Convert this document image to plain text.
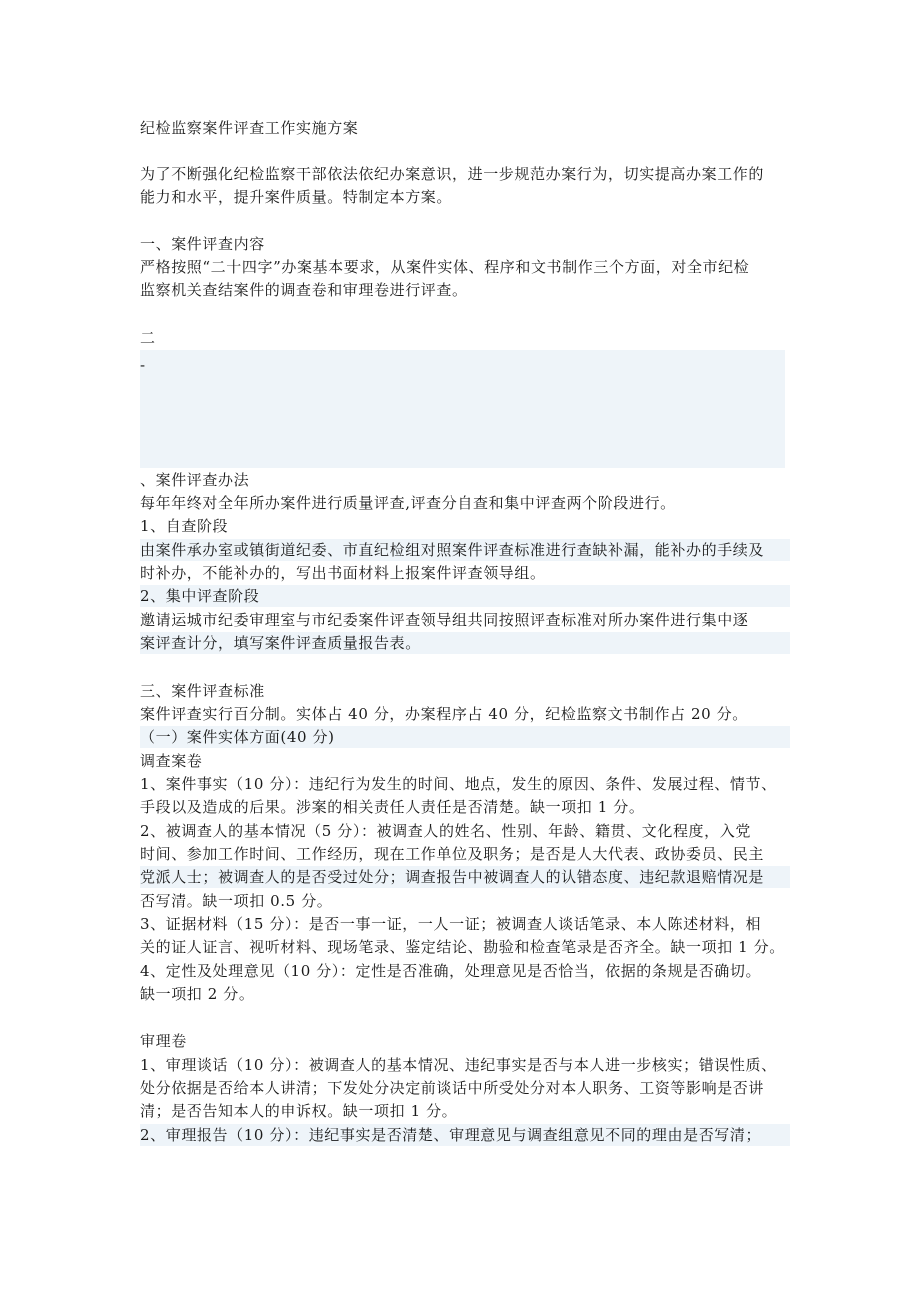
纪检监察案件评查工作实施方案
为了不断强化纪检监察干部依法依纪办案意识，进一步规范办案行为，切实提高办案工作的
能力和水平，提升案件质量。特制定本方案。
一、案件评查内容
严格按照“二十四字”办案基本要求，从案件实体、程序和文书制作三个方面，对全市纪检
监察机关查结案件的调查卷和审理卷进行评查。
二
-
、案件评查办法
每年年终对全年所办案件进行质量评查,评查分自查和集中评查两个阶段进行。
1、自查阶段
由案件承办室或镇街道纪委、市直纪检组对照案件评查标准进行查缺补漏，能补办的手续及
时补办，不能补办的，写出书面材料上报案件评查领导组。
2、集中评查阶段
邀请运城市纪委审理室与市纪委案件评查领导组共同按照评查标准对所办案件进行集中逐
案评查计分，填写案件评查质量报告表。
三、案件评查标准
案件评查实行百分制。实体占 40 分，办案程序占 40 分，纪检监察文书制作占 20 分。
（一）案件实体方面(40 分)
调查案卷
1、案件事实（10 分）：违纪行为发生的时间、地点，发生的原因、条件、发展过程、情节、
手段以及造成的后果。涉案的相关责任人责任是否清楚。缺一项扣 1 分。
2、被调查人的基本情况（5 分）：被调查人的姓名、性别、年龄、籍贯、文化程度，入党
时间、参加工作时间、工作经历，现在工作单位及职务；是否是人大代表、政协委员、民主
党派人士；被调查人的是否受过处分；调查报告中被调查人的认错态度、违纪款退赔情况是
否写清。缺一项扣 0.5 分。
3、证据材料（15 分）：是否一事一证，一人一证；被调查人谈话笔录、本人陈述材料，相
关的证人证言、视听材料、现场笔录、鉴定结论、勘验和检查笔录是否齐全。缺一项扣 1 分。
4、定性及处理意见（10 分）：定性是否准确，处理意见是否恰当，依据的条规是否确切。
缺一项扣 2 分。
审理卷
1、审理谈话（10 分）：被调查人的基本情况、违纪事实是否与本人进一步核实；错误性质、
处分依据是否给本人讲清；下发处分决定前谈话中所受处分对本人职务、工资等影响是否讲
清；是否告知本人的申诉权。缺一项扣 1 分。
2、审理报告（10 分）：违纪事实是否清楚、审理意见与调查组意见不同的理由是否写清；
